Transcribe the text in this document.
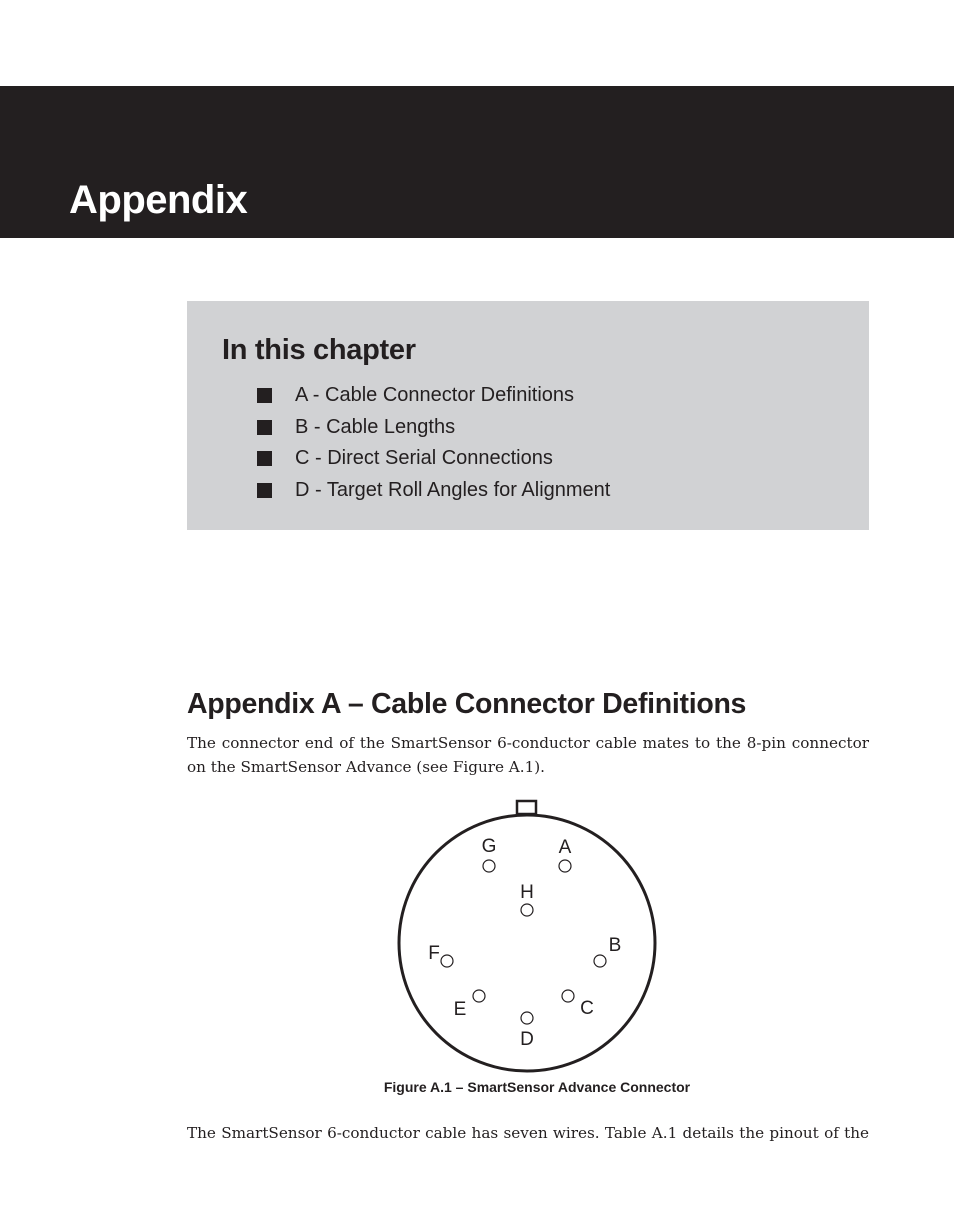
Appendix
In this chapter
A - Cable Connector Definitions
B - Cable Lengths
C - Direct Serial Connections
D - Target Roll Angles for Alignment
Appendix A – Cable Connector Definitions

The connector end of the SmartSensor 6-conductor cable mates to the 8-pin connector on the SmartSensor Advance (see Figure A.1).

A
B
C
D
E
F
G
H

Figure A.1 – SmartSensor Advance Connector

The SmartSensor 6-conductor cable has seven wires. Table A.1 details the pinout of the
